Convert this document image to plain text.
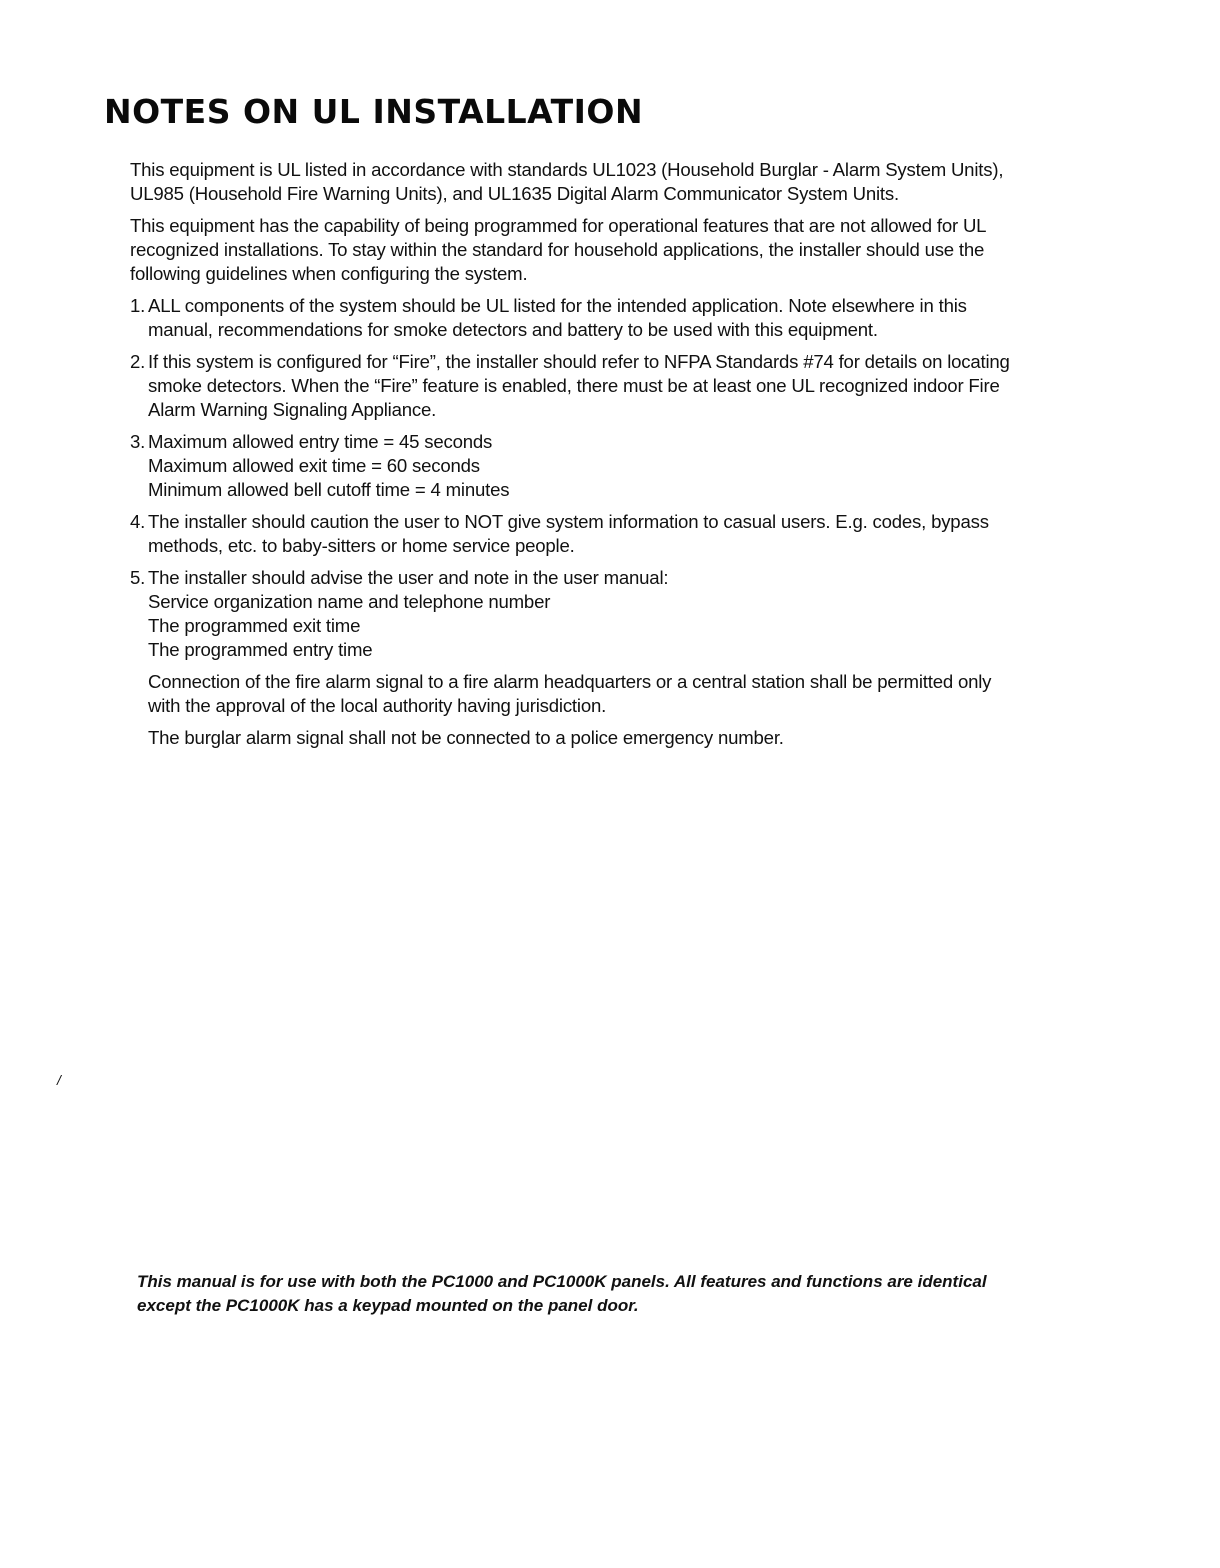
NOTES ON UL INSTALLATION

This equipment is UL listed in accordance with standards UL1023 (Household Burglar - Alarm System Units), UL985 (Household Fire Warning Units), and UL1635 Digital Alarm Communicator System Units.

This equipment has the capability of being programmed for operational features that are not allowed for UL recognized installations. To stay within the standard for household applications, the installer should use the following guidelines when configuring the system.

1. ALL components of the system should be UL listed for the intended application. Note elsewhere in this manual, recommendations for smoke detectors and battery to be used with this equipment.
2. If this system is configured for “Fire”, the installer should refer to NFPA Standards #74 for details on locating smoke detectors. When the “Fire” feature is enabled, there must be at least one UL recognized indoor Fire Alarm Warning Signaling Appliance.
3. Maximum allowed entry time = 45 seconds
Maximum allowed exit time = 60 seconds
Minimum allowed bell cutoff time = 4 minutes
4. The installer should caution the user to NOT give system information to casual users. E.g. codes, bypass methods, etc. to baby-sitters or home service people.
5. The installer should advise the user and note in the user manual:
Service organization name and telephone number
The programmed exit time
The programmed entry time
Connection of the fire alarm signal to a fire alarm headquarters or a central station shall be permitted only with the approval of the local authority having jurisdiction.
The burglar alarm signal shall not be connected to a police emergency number.
/

This manual is for use with both the PC1000 and PC1000K panels. All features and functions are identical except the PC1000K has a keypad mounted on the panel door.
